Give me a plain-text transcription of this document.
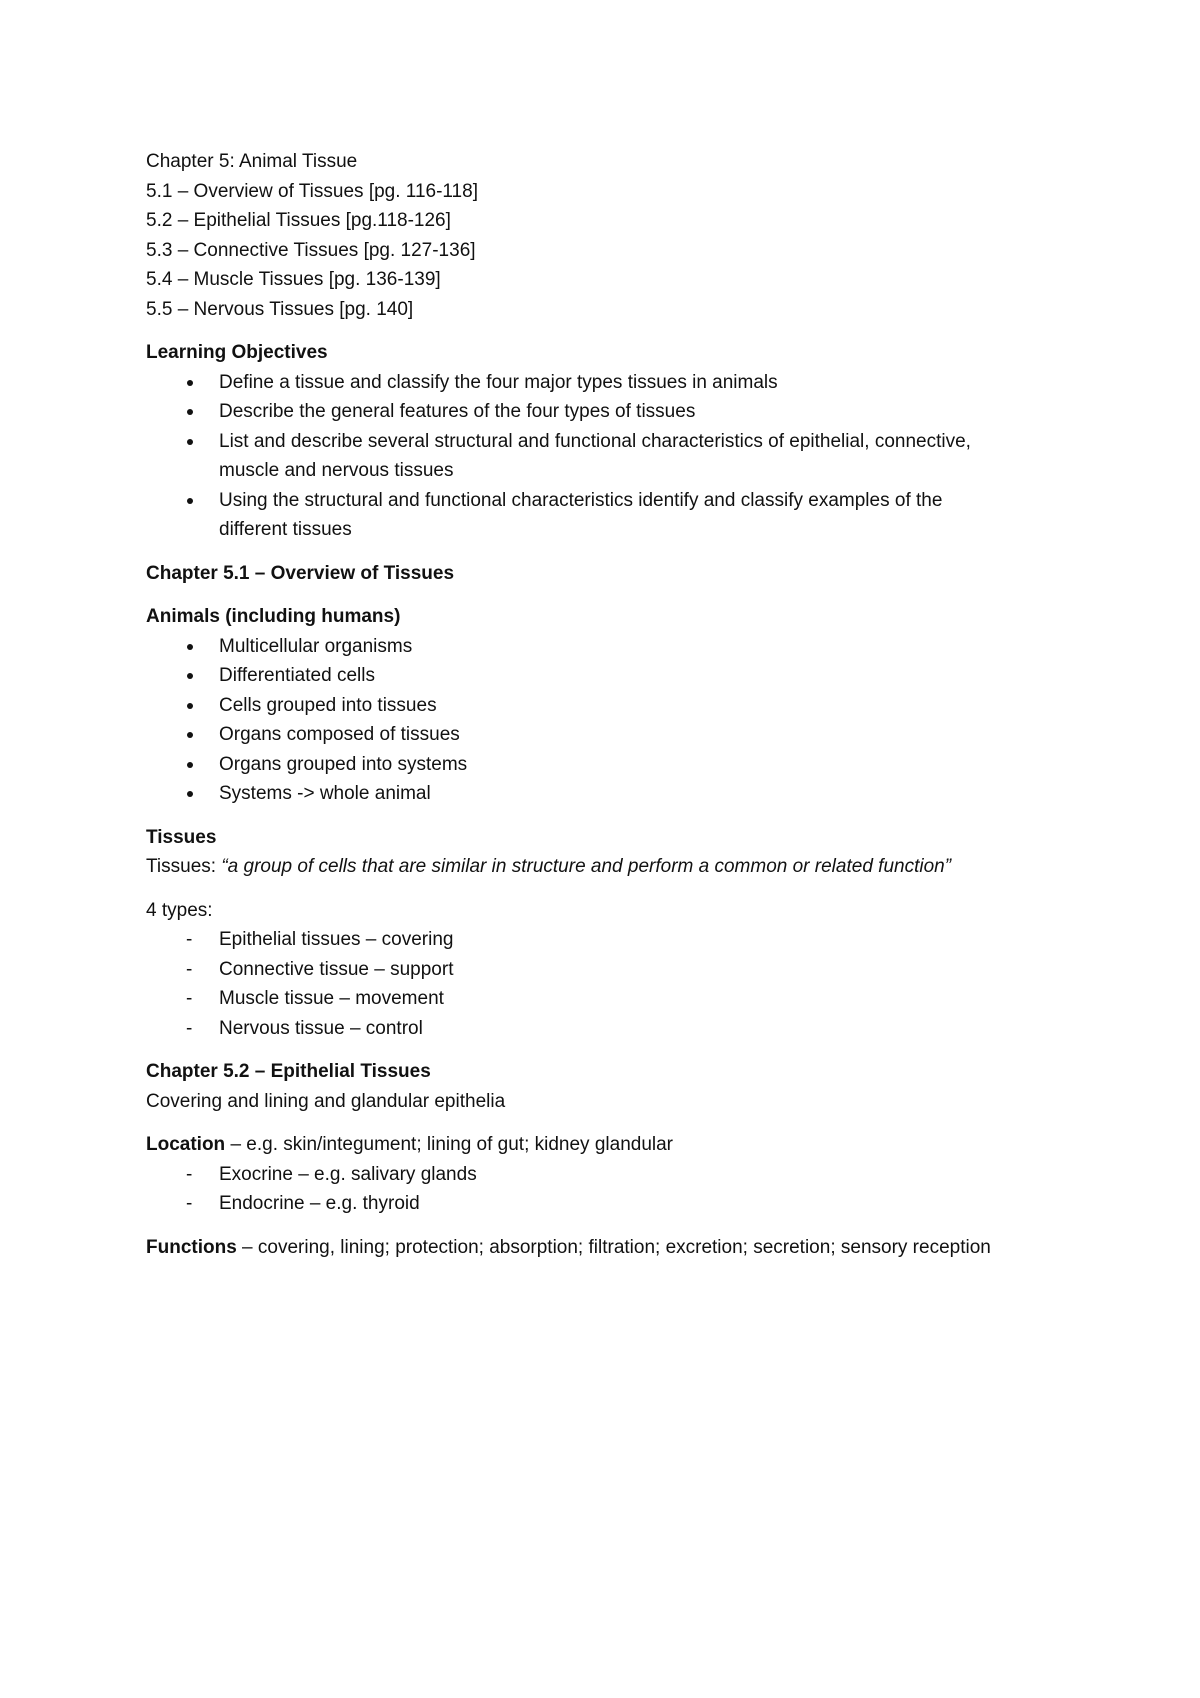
Chapter 5: Animal Tissue

5.1 – Overview of Tissues [pg. 116-118]

5.2 – Epithelial Tissues [pg.118-126]

5.3 – Connective Tissues [pg. 127-136]

5.4 – Muscle Tissues [pg. 136-139]

5.5 – Nervous Tissues [pg. 140]

Learning Objectives

Define a tissue and classify the four major types tissues in animals
Describe the general features of the four types of tissues
List and describe several structural and functional characteristics of epithelial, connective, muscle and nervous tissues
Using the structural and functional characteristics identify and classify examples of the different tissues

Chapter 5.1 – Overview of Tissues

Animals (including humans)

Multicellular organisms
Differentiated cells
Cells grouped into tissues
Organs composed of tissues
Organs grouped into systems
Systems -> whole animal

Tissues

Tissues: “a group of cells that are similar in structure and perform a common or related function”

4 types:

- Epithelial tissues – covering
- Connective tissue – support
- Muscle tissue – movement
- Nervous tissue – control

Chapter 5.2 – Epithelial Tissues

Covering and lining and glandular epithelia

Location – e.g. skin/integument; lining of gut; kidney glandular

- Exocrine – e.g. salivary glands
- Endocrine – e.g. thyroid

Functions – covering, lining; protection; absorption; filtration; excretion; secretion; sensory reception
